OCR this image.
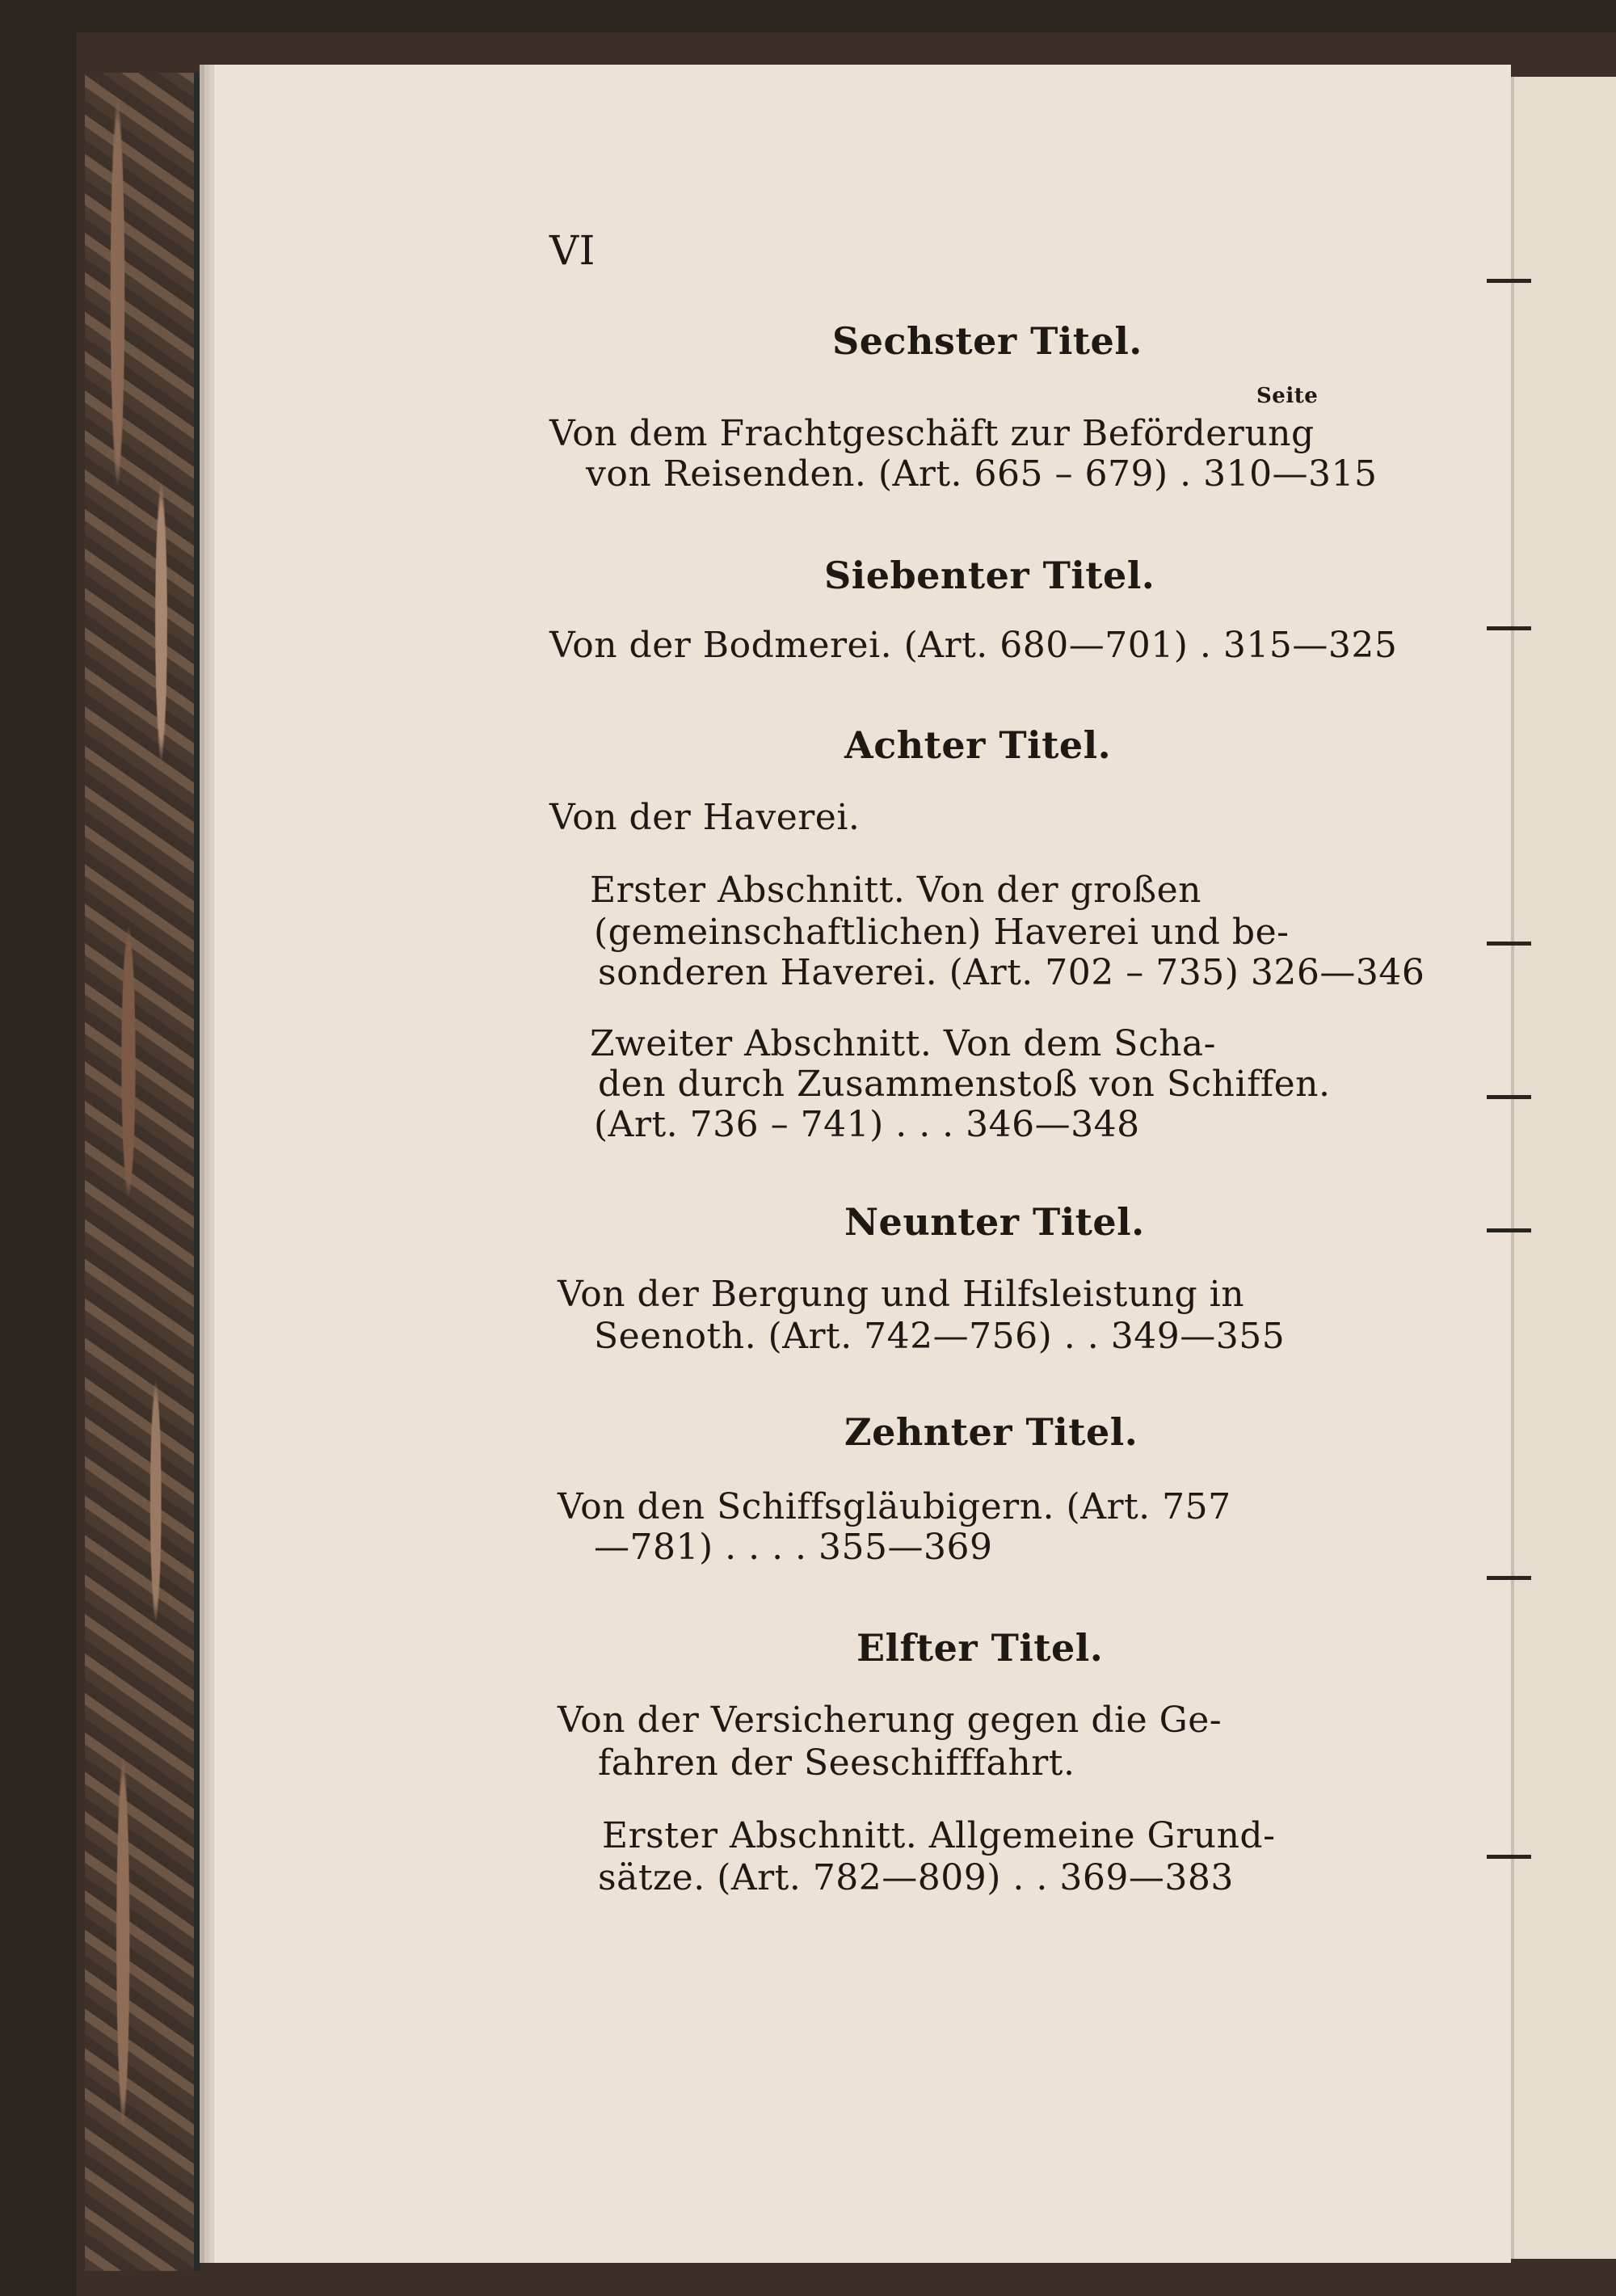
VI
Sechster Titel.
Seite
Von dem Frachtgeschäft zur Beförderung
von Reisenden. (Art. 665 – 679) . 310—315
Siebenter Titel.
Von der Bodmerei. (Art. 680—701) . 315—325
Achter Titel.
Von der Haverei.
Erster Abschnitt. Von der großen
(gemeinschaftlichen) Haverei und be-
sonderen Haverei. (Art. 702 – 735) 326—346
Zweiter Abschnitt. Von dem Scha-
den durch Zusammenstoß von Schiffen.
(Art. 736 – 741) . . . 346—348
Neunter Titel.
Von der Bergung und Hilfsleistung in
Seenoth. (Art. 742—756) . . 349—355
Zehnter Titel.
Von den Schiffsgläubigern. (Art. 757
—781) . . . . 355—369
Elfter Titel.
Von der Versicherung gegen die Ge-
fahren der Seeschifffahrt.
Erster Abschnitt. Allgemeine Grund-
sätze. (Art. 782—809) . . 369—383
